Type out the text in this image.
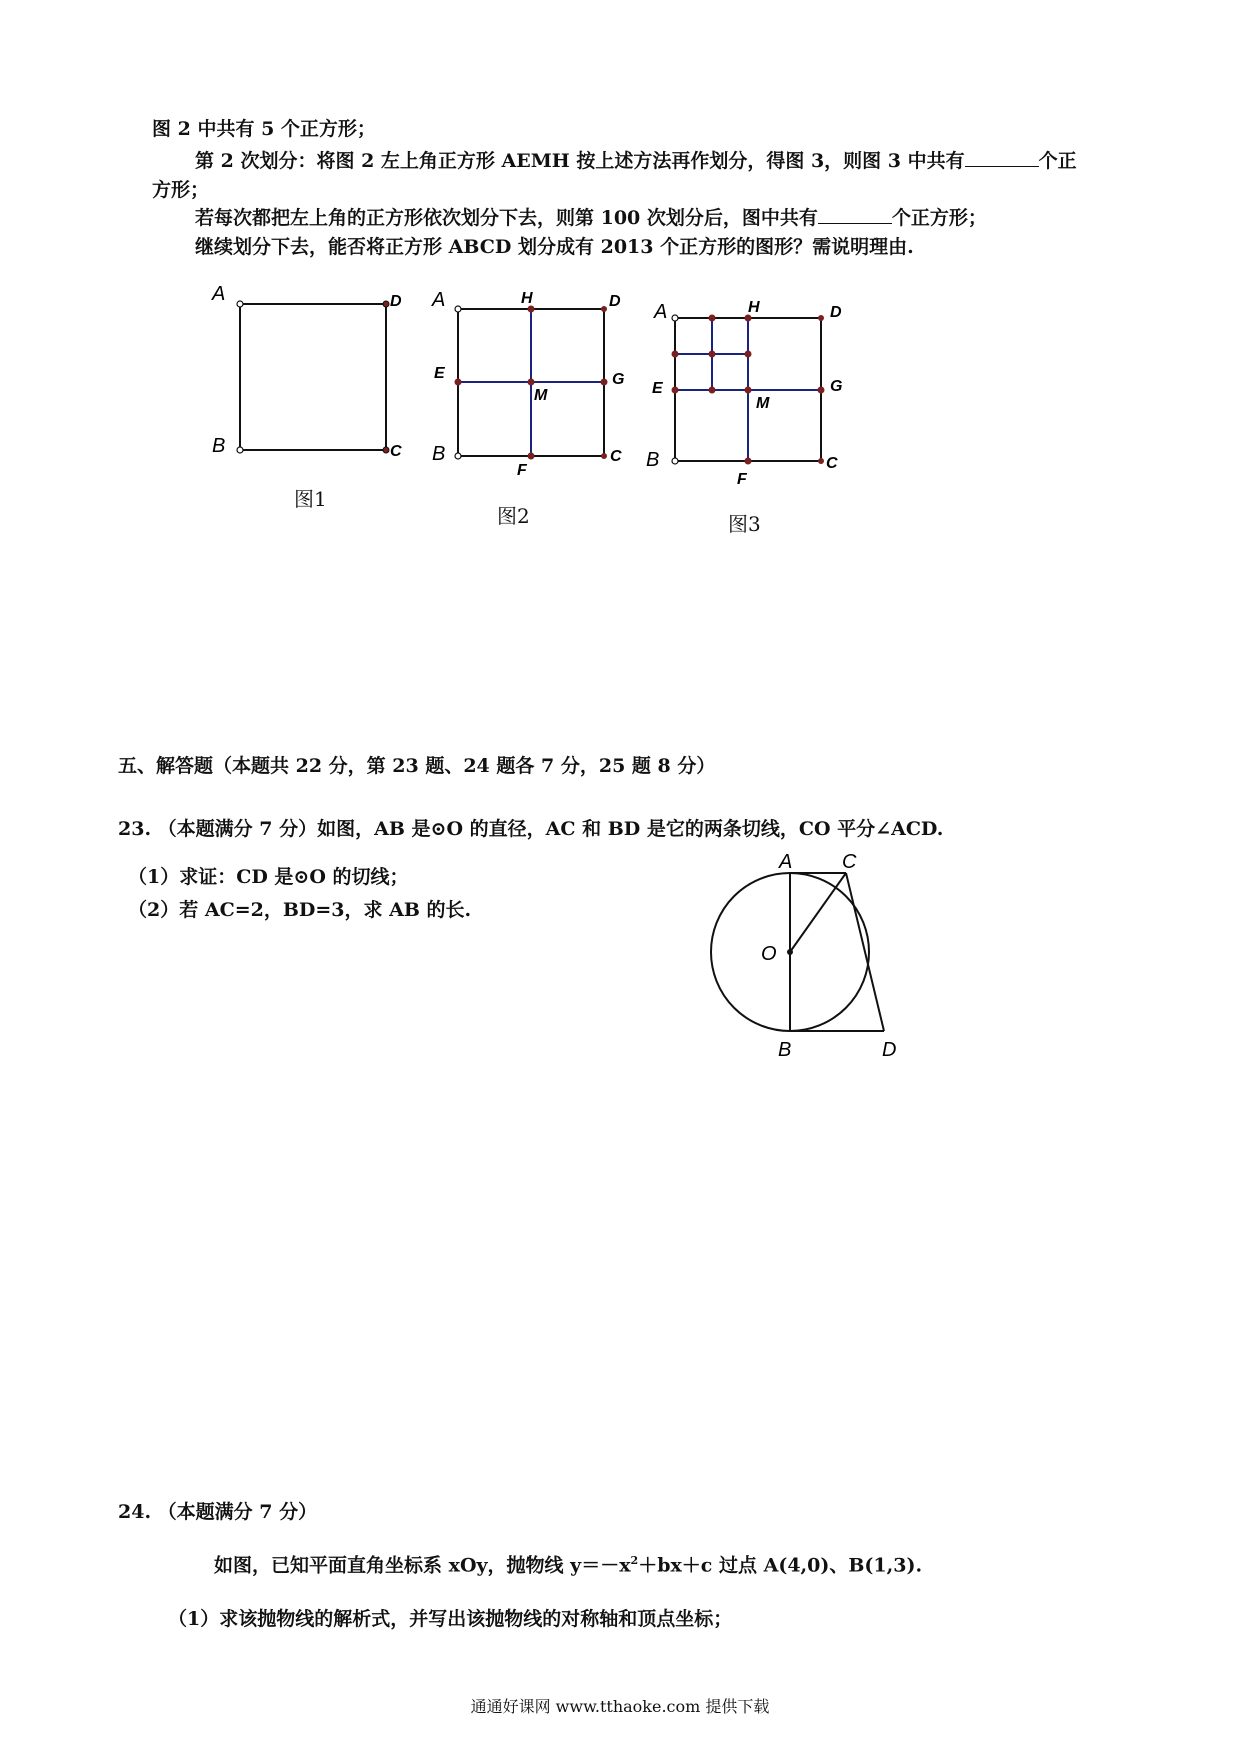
图 2 中共有 5 个正方形；
第 2 次划分：将图 2 左上角正方形 AEMH 按上述方法再作划分，得图 3，则图 3 中共有	个正
方形；
若每次都把左上角的正方形依次划分下去，则第 100 次划分后，图中共有	个正方形；
继续划分下去，能否将正方形 ABCD 划分成有 2013 个正方形的图形？需说明理由.
A
B
D
C
A	H	D
E
M
G
B
F
C
A	H	D
E
M
G
B
F
C
图1
图2	图3
五、解答题（本题共 22 分，第 23 题、24 题各 7 分，25 题 8 分）
23. （本题满分 7 分）如图，AB 是⊙O 的直径，AC 和 BD 是它的两条切线，CO 平分∠ACD.
（1）求证：CD 是⊙O 的切线；
（2）若 AC=2，BD=3，求 AB 的长.
A C
O
B	D
24. （本题满分 7 分）
如图，已知平面直角坐标系 xOy，抛物线 $y=-x^2+bx+c$ 过点 A(4,0)、B(1,3).
（1）求该抛物线的解析式，并写出该抛物线的对称轴和顶点坐标；
通通好课网 www.tthaoke.com 提供下载
